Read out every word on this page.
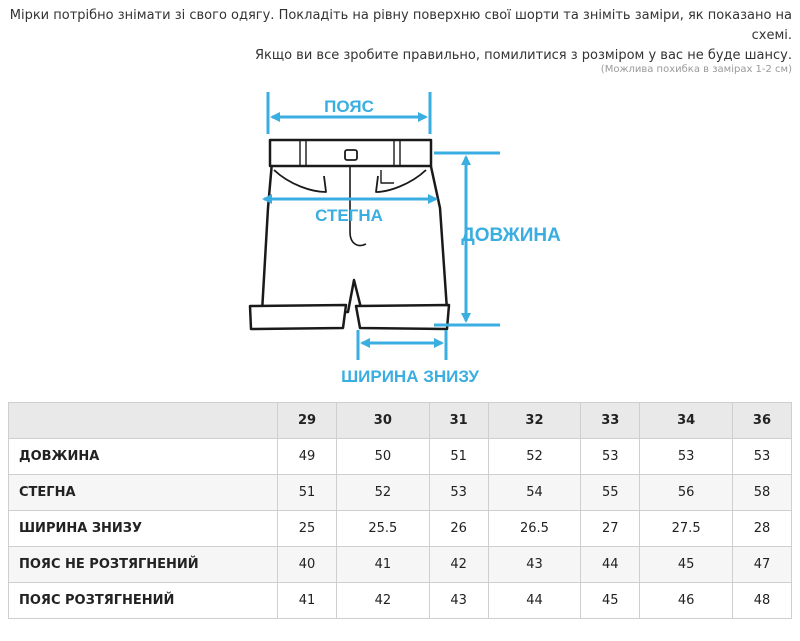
Мірки потрібно знімати зі свого одягу. Покладіть на рівну поверхню свої шорти та зніміть заміри, як показано на схемі.
Якщо ви все зробите правильно, помилитися з розміром у вас не буде шансу.
(Можлива похибка в замірах 1-2 см)
ПОЯС
СТЕГНА
ДОВЖИНА
ШИРИНА ЗНИЗУ
	29	30	31	32	33	34	36
ДОВЖИНА	49	50	51	52	53	53	53
СТЕГНА	51	52	53	54	55	56	58
ШИРИНА ЗНИЗУ	25	25.5	26	26.5	27	27.5	28
ПОЯС НЕ РОЗТЯГНЕНИЙ	40	41	42	43	44	45	47
ПОЯС РОЗТЯГНЕНИЙ	41	42	43	44	45	46	48
